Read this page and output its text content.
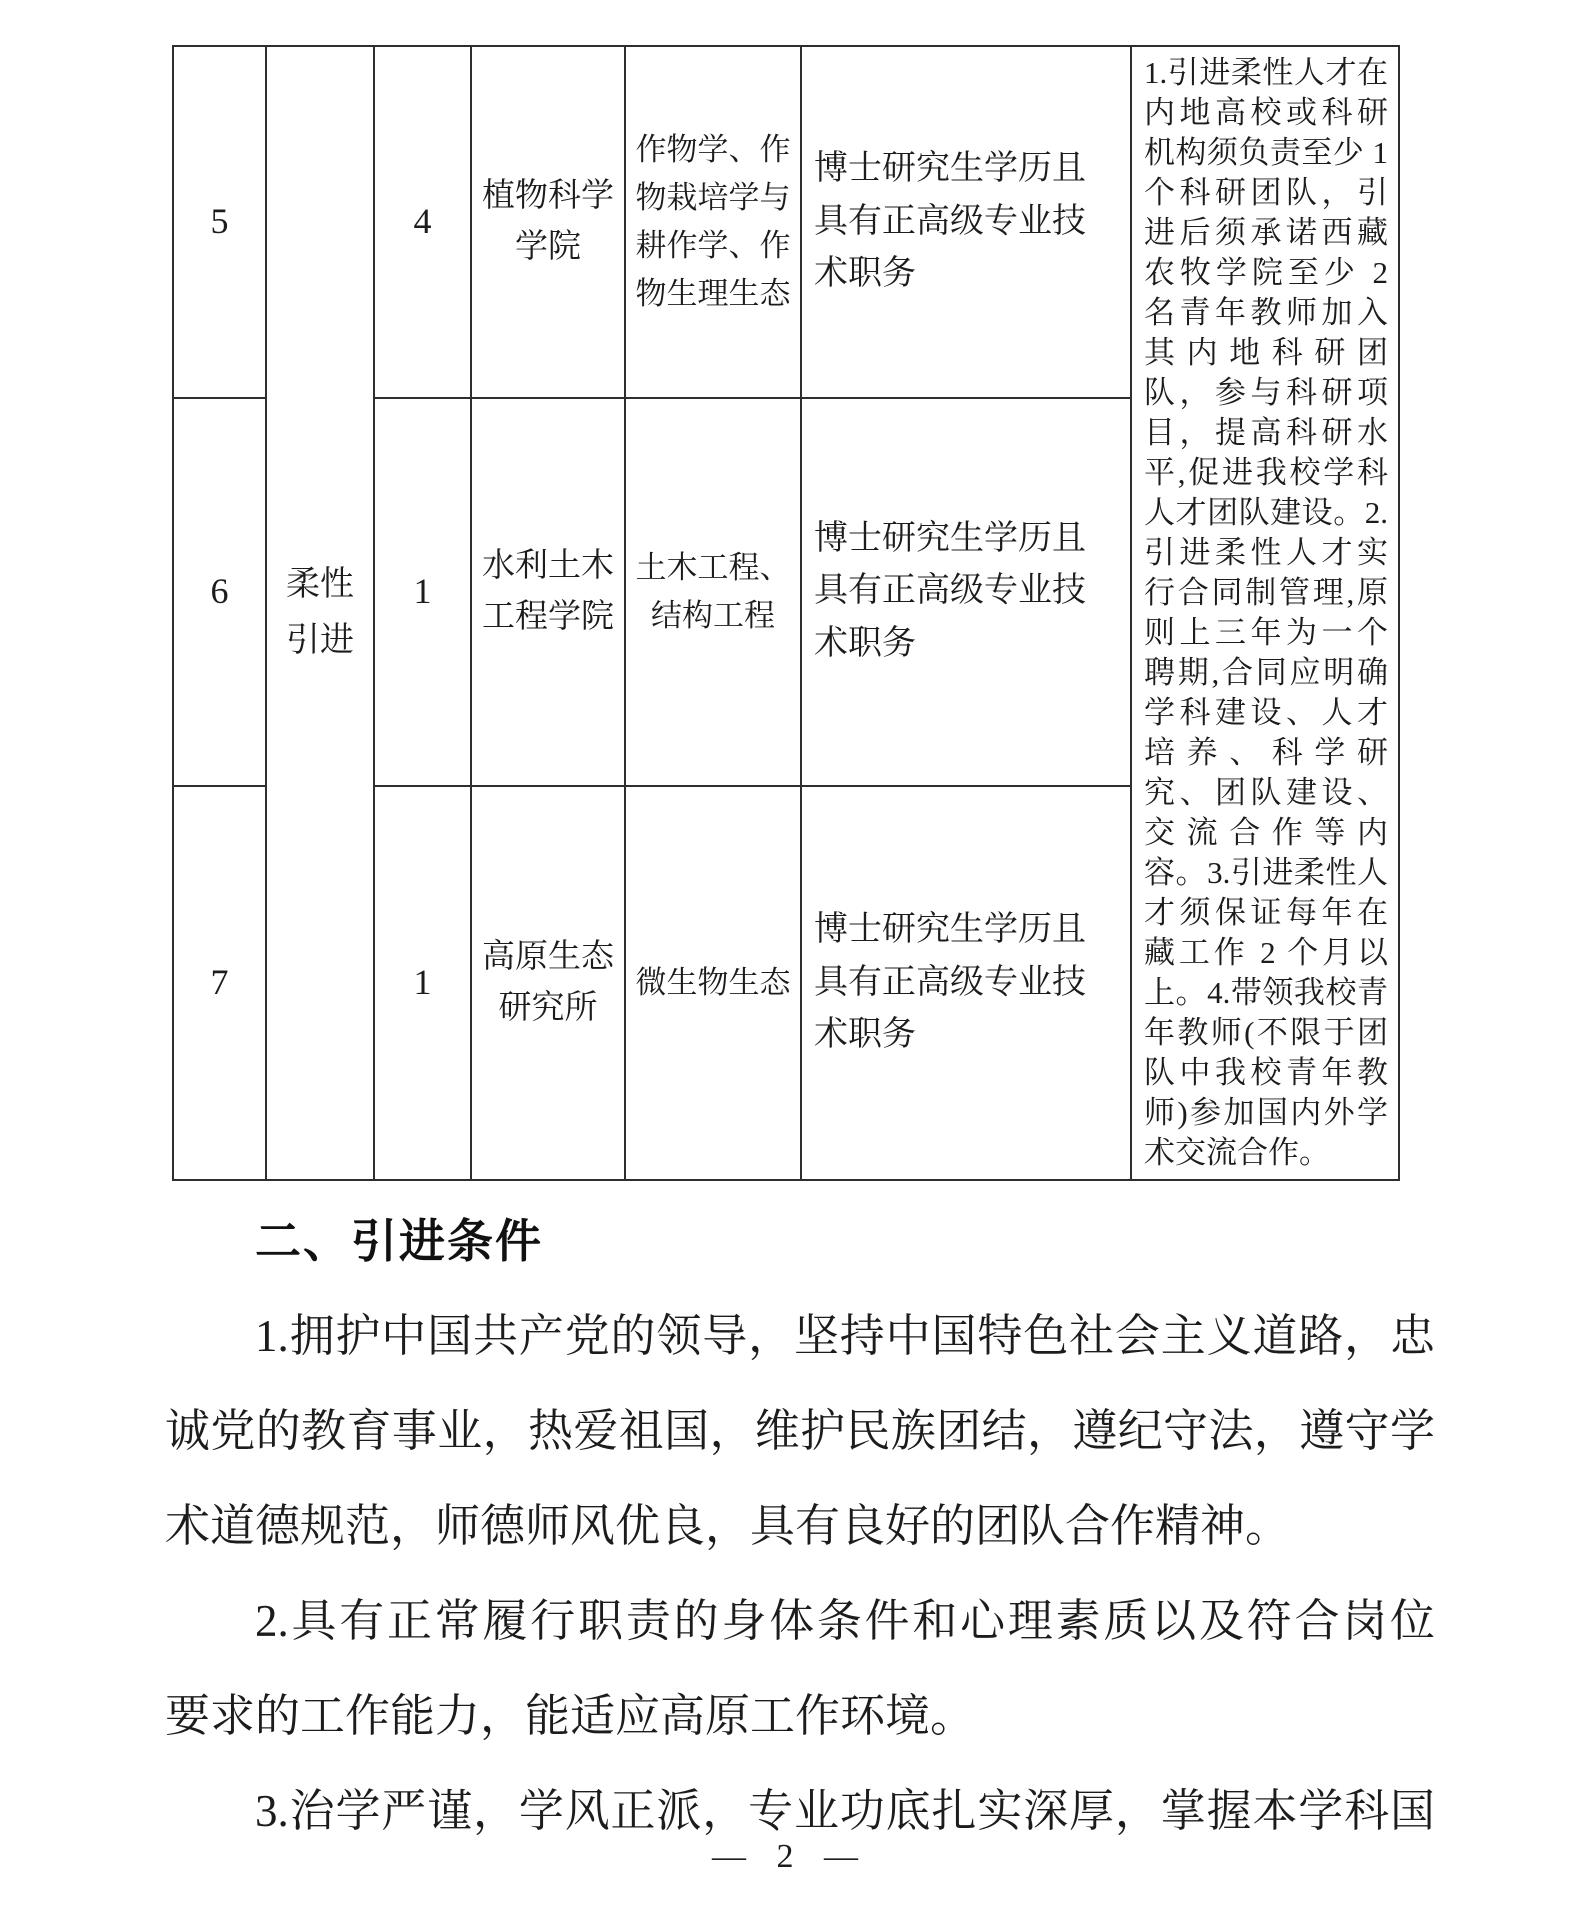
5	柔性引进	4	植物科学学院	作物学、作物栽培学与耕作学、作物生理生态	博士研究生学历且具有正高级专业技术职务	1.引进柔性人才在内地高校或科研机构须负责至少 1 个科研团队，引进后须承诺西藏农牧学院至少 2 名青年教师加入其内地科研团队，参与科研项目，提高科研水平,促进我校学科人才团队建设。2.引进柔性人才实行合同制管理,原则上三年为一个聘期,合同应明确学科建设、人才培养、科学研究、团队建设、交流合作等内容。3.引进柔性人才须保证每年在藏工作 2 个月以上。4.带领我校青年教师(不限于团队中我校青年教师)参加国内外学术交流合作。
6		1	水利土木工程学院	土木工程、结构工程	博士研究生学历且具有正高级专业技术职务	
7		1	高原生态研究所	微生物生态	博士研究生学历且具有正高级专业技术职务	
二、引进条件
1.拥护中国共产党的领导，坚持中国特色社会主义道路，忠
诚党的教育事业，热爱祖国，维护民族团结，遵纪守法，遵守学
术道德规范，师德师风优良，具有良好的团队合作精神。
2.具有正常履行职责的身体条件和心理素质以及符合岗位
要求的工作能力，能适应高原工作环境。
3.治学严谨，学风正派，专业功底扎实深厚，掌握本学科国
— 2 —
